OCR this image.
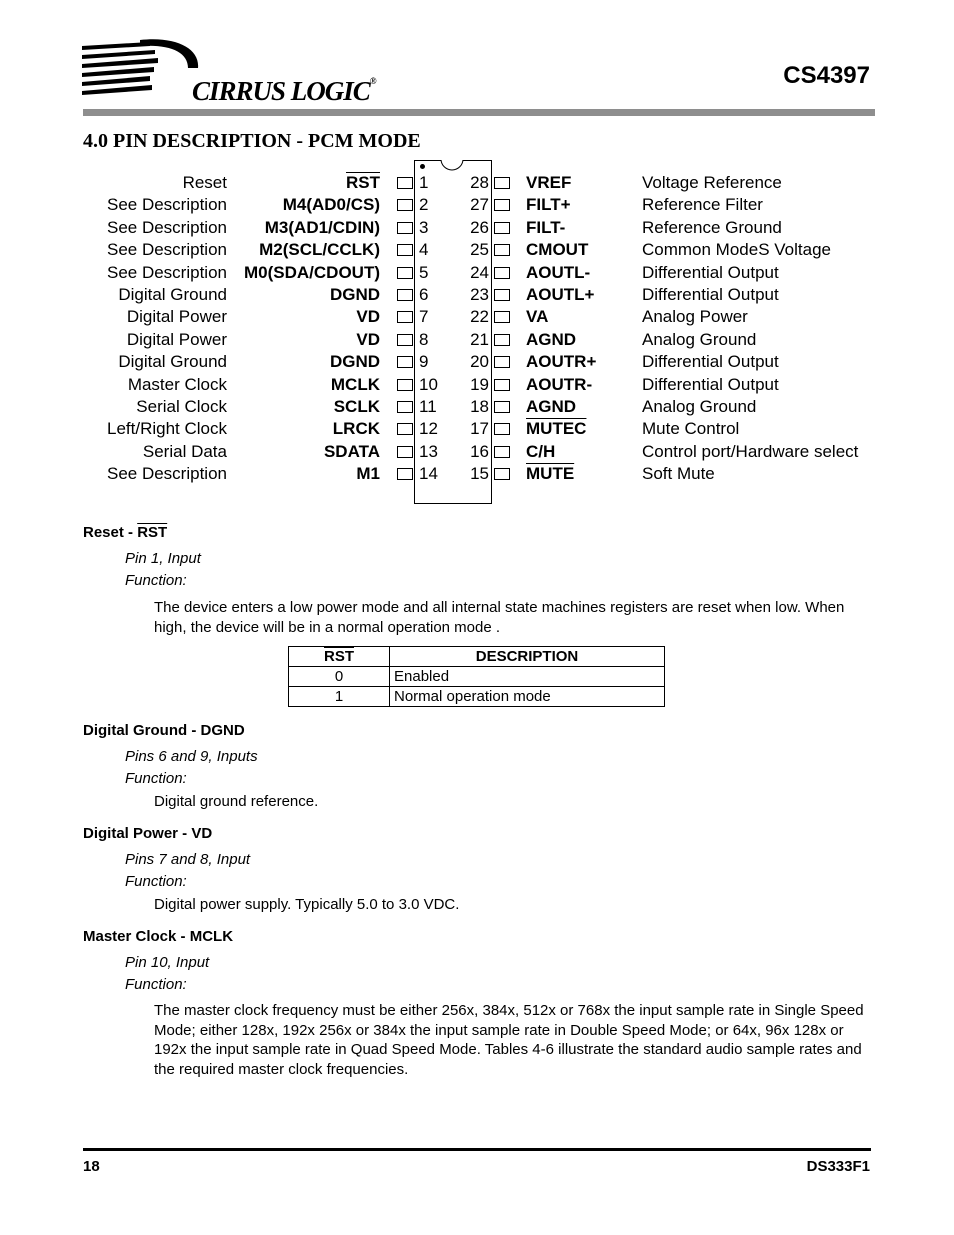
CIRRUS LOGIC®	CS4397
4.0 PIN DESCRIPTION - PCM MODE
Reset	$\overline{RST}$ 1 28 VREF	Voltage Reference
See Description	M4(AD0/CS) 2 27 FILT+	Reference Filter
See Description M3(AD1/CDIN) 3 26 FILT-	Reference Ground
See Description M2(SCL/CCLK) 4 25 CMOUT	Common ModeS Voltage
See Description M0(SDA/CDOUT) 5 24 AOUTL-	Differential Output
Digital Ground	DGND 6 23 AOUTL+	Differential Output
Digital Power	VD 7 22 VA	Analog Power
Digital Power	VD 8 21 AGND	Analog Ground
Digital Ground	DGND 9 20 AOUTR+	Differential Output
Master Clock	MCLK 10 19 AOUTR-	Differential Output
Serial Clock	SCLK 11 18 AGND	Analog Ground
Left/Right Clock	LRCK 12 17 MUTEC	Mute Control
Serial Data	SDATA 13 16 C/H	Control port/Hardware select
See Description	M1 14 15 MUTE	Soft Mute
Reset - $\overline{RST}$
Pin 1, Input
Function:
The device enters a low power mode and all internal state machines registers are reset when low. When high, the device will be in a normal operation mode .
$\overline{RST}$	DESCRIPTION
0	Enabled
1	Normal operation mode
Digital Ground - DGND
Pins 6 and 9, Inputs
Function:
Digital ground reference.
Digital Power - VD
Pins 7 and 8, Input
Function:
Digital power supply. Typically 5.0 to 3.0 VDC.
Master Clock - MCLK
Pin 10, Input
Function:
The master clock frequency must be either 256x, 384x, 512x or 768x the input sample rate in Single Speed Mode; either 128x, 192x 256x or 384x the input sample rate in Double Speed Mode; or 64x, 96x 128x or 192x the input sample rate in Quad Speed Mode. Tables 4-6 illustrate the standard audio sample rates and the required master clock frequencies.
18	DS333F1
